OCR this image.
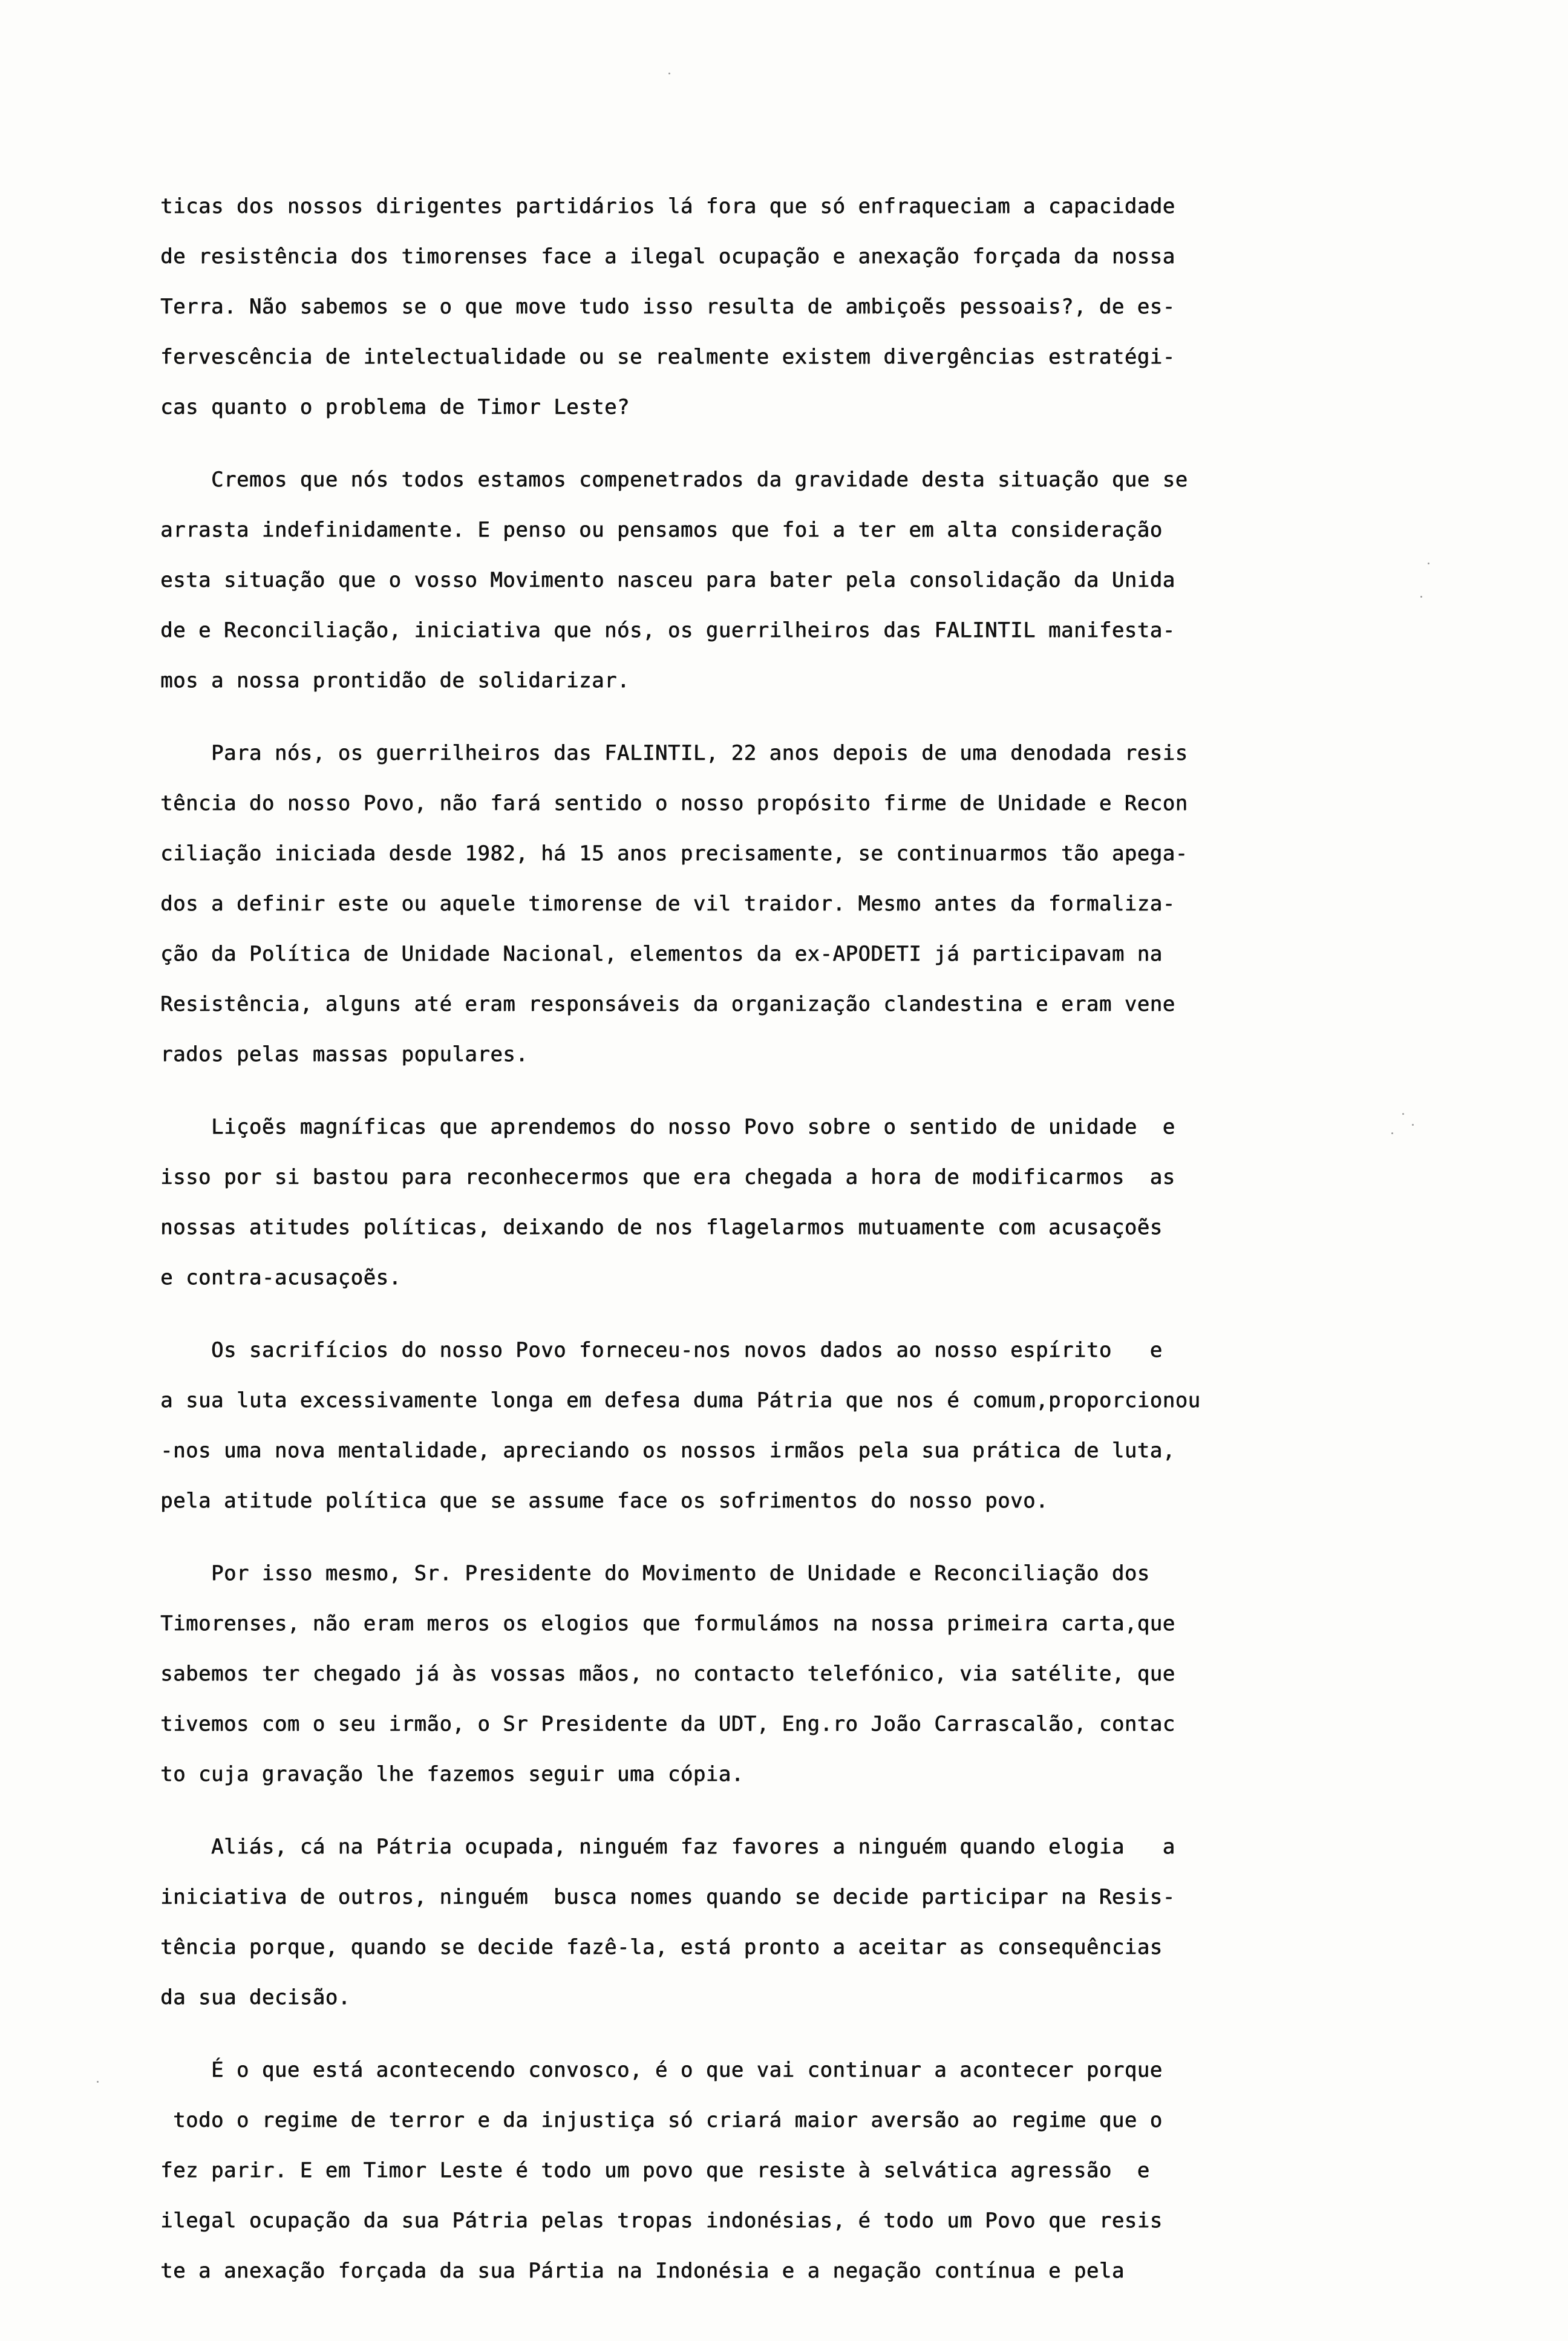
ticas dos nossos dirigentes partidários lá fora que só enfraqueciam a capacidade
de resistência dos timorenses face a ilegal ocupação e anexação forçada da nossa
Terra. Não sabemos se o que move tudo isso resulta de ambiçoẽs pessoais?, de es-
fervescência de intelectualidade ou se realmente existem divergências estratégi-
cas quanto o problema de Timor Leste?
Cremos que nós todos estamos compenetrados da gravidade desta situação que se
arrasta indefinidamente. E penso ou pensamos que foi a ter em alta consideração
esta situação que o vosso Movimento nasceu para bater pela consolidação da Unida
de e Reconciliação, iniciativa que nós, os guerrilheiros das FALINTIL manifesta-
mos a nossa prontidão de solidarizar.
Para nós, os guerrilheiros das FALINTIL, 22 anos depois de uma denodada resis
tência do nosso Povo, não fará sentido o nosso propósito firme de Unidade e Recon
ciliação iniciada desde 1982, há 15 anos precisamente, se continuarmos tão apega-
dos a definir este ou aquele timorense de vil traidor. Mesmo antes da formaliza-
ção da Política de Unidade Nacional, elementos da ex-APODETI já participavam na
Resistência, alguns até eram responsáveis da organização clandestina e eram vene
rados pelas massas populares.
Liçoẽs magníficas que aprendemos do nosso Povo sobre o sentido de unidade  e
isso por si bastou para reconhecermos que era chegada a hora de modificarmos  as
nossas atitudes políticas, deixando de nos flagelarmos mutuamente com acusaçoẽs
e contra-acusaçoẽs.
Os sacrifícios do nosso Povo forneceu-nos novos dados ao nosso espírito   e
a sua luta excessivamente longa em defesa duma Pátria que nos é comum,proporcionou
-nos uma nova mentalidade, apreciando os nossos irmãos pela sua prática de luta,
pela atitude política que se assume face os sofrimentos do nosso povo.
Por isso mesmo, Sr. Presidente do Movimento de Unidade e Reconciliação dos
Timorenses, não eram meros os elogios que formulámos na nossa primeira carta,que
sabemos ter chegado já às vossas mãos, no contacto telefónico, via satélite, que
tivemos com o seu irmão, o Sr Presidente da UDT, Eng.ro João Carrascalão, contac
to cuja gravação lhe fazemos seguir uma cópia.
Aliás, cá na Pátria ocupada, ninguém faz favores a ninguém quando elogia   a
iniciativa de outros, ninguém  busca nomes quando se decide participar na Resis-
tência porque, quando se decide fazê-la, está pronto a aceitar as consequências
da sua decisão.
É o que está acontecendo convosco, é o que vai continuar a acontecer porque
todo o regime de terror e da injustiça só criará maior aversão ao regime que o
fez parir. E em Timor Leste é todo um povo que resiste à selvática agressão  e
ilegal ocupação da sua Pátria pelas tropas indonésias, é todo um Povo que resis
te a anexação forçada da sua Pártia na Indonésia e a negação contínua e pela
